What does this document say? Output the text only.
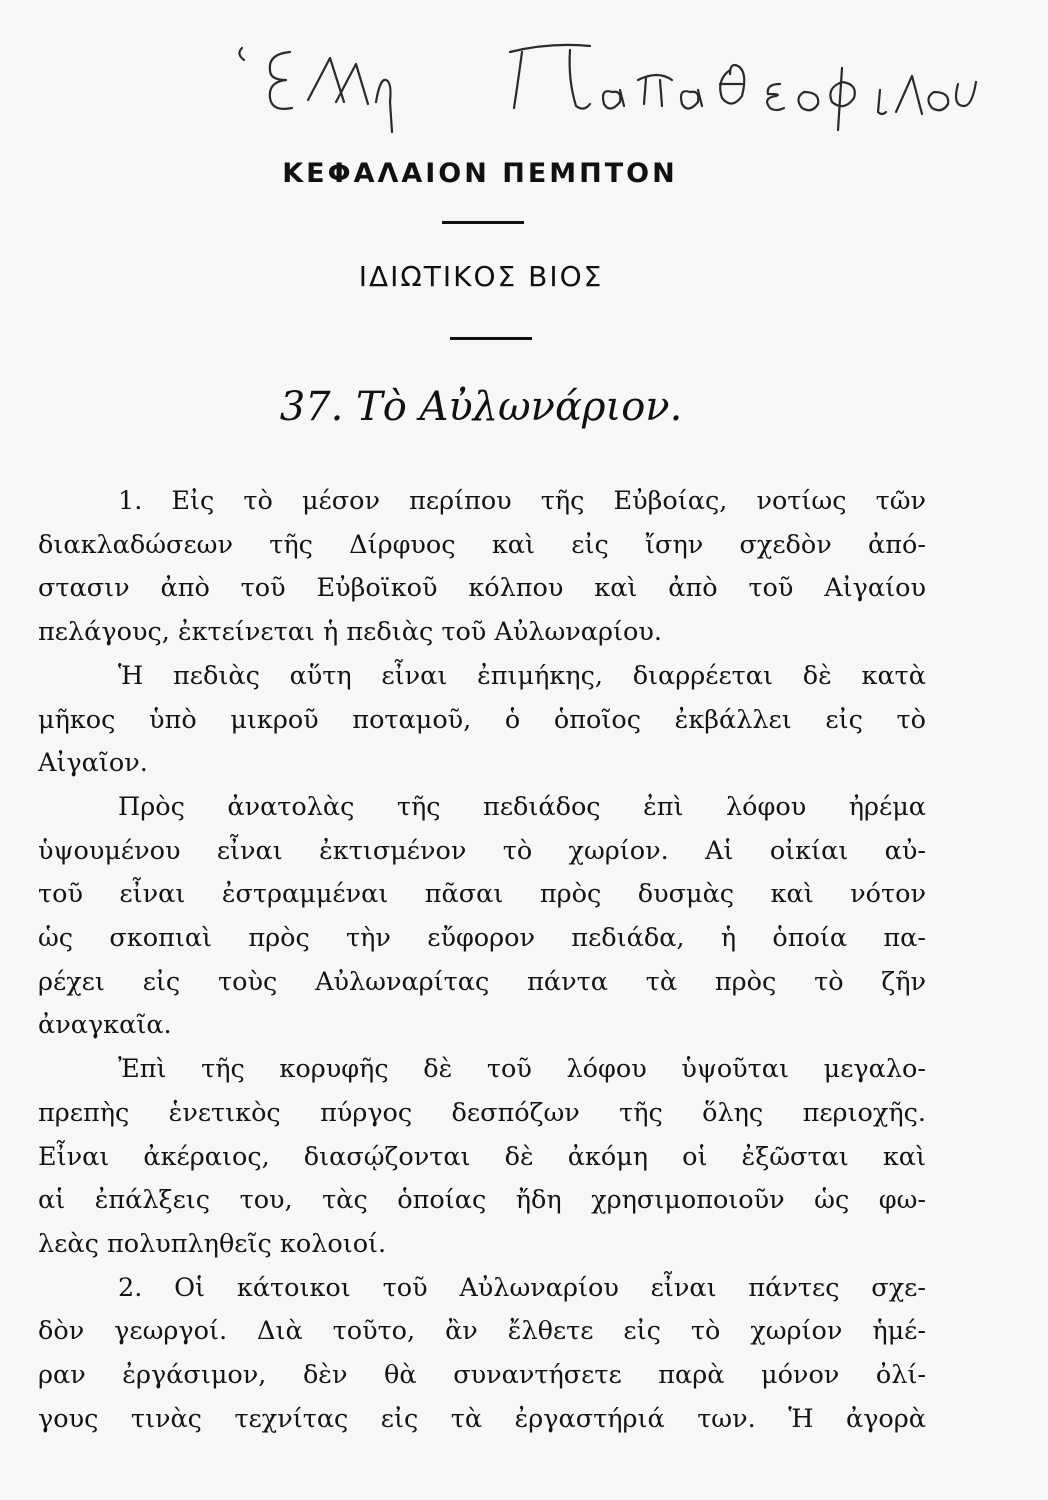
ΚΕΦΑΛΑΙΟΝ ΠΕΜΠΤΟΝ
ΙΔΙΩΤΙΚΟΣ ΒΙΟΣ
37. Τὸ Αὐλωνάριον.
1. Εἰς τὸ μέσον περίπου τῆς Εὐβοίας, νοτίως τῶν
διακλαδώσεων τῆς Δίρφυος καὶ εἰς ἴσην σχεδὸν ἀπό-
στασιν ἀπὸ τοῦ Εὐβοϊκοῦ κόλπου καὶ ἀπὸ τοῦ Αἰγαίου
πελάγους, ἐκτείνεται ἡ πεδιὰς τοῦ Αὐλωναρίου.
Ἡ πεδιὰς αὕτη εἶναι ἐπιμήκης, διαρρέεται δὲ κατὰ
μῆκος ὑπὸ μικροῦ ποταμοῦ, ὁ ὁποῖος ἐκβάλλει εἰς τὸ
Αἰγαῖον.
Πρὸς ἀνατολὰς τῆς πεδιάδος ἐπὶ λόφου ἠρέμα
ὑψουμένου εἶναι ἐκτισμένον τὸ χωρίον. Αἱ οἰκίαι αὐ-
τοῦ εἶναι ἐστραμμέναι πᾶσαι πρὸς δυσμὰς καὶ νότον
ὡς σκοπιαὶ πρὸς τὴν εὔφορον πεδιάδα, ἡ ὁποία πα-
ρέχει εἰς τοὺς Αὐλωναρίτας πάντα τὰ πρὸς τὸ ζῆν
ἀναγκαῖα.
Ἐπὶ τῆς κορυφῆς δὲ τοῦ λόφου ὑψοῦται μεγαλο-
πρεπὴς ἑνετικὸς πύργος δεσπόζων τῆς ὅλης περιοχῆς.
Εἶναι ἀκέραιος, διασῴζονται δὲ ἀκόμη οἱ ἐξῶσται καὶ
αἱ ἐπάλξεις του, τὰς ὁποίας ἤδη χρησιμοποιοῦν ὡς φω-
λεὰς πολυπληθεῖς κολοιοί.
2. Οἱ κάτοικοι τοῦ Αὐλωναρίου εἶναι πάντες σχε-
δὸν γεωργοί. Διὰ τοῦτο, ἂν ἔλθετε εἰς τὸ χωρίον ἡμέ-
ραν ἐργάσιμον, δὲν θὰ συναντήσετε παρὰ μόνον ὀλί-
γους τινὰς τεχνίτας εἰς τὰ ἐργαστήριά των. Ἡ ἀγορὰ
